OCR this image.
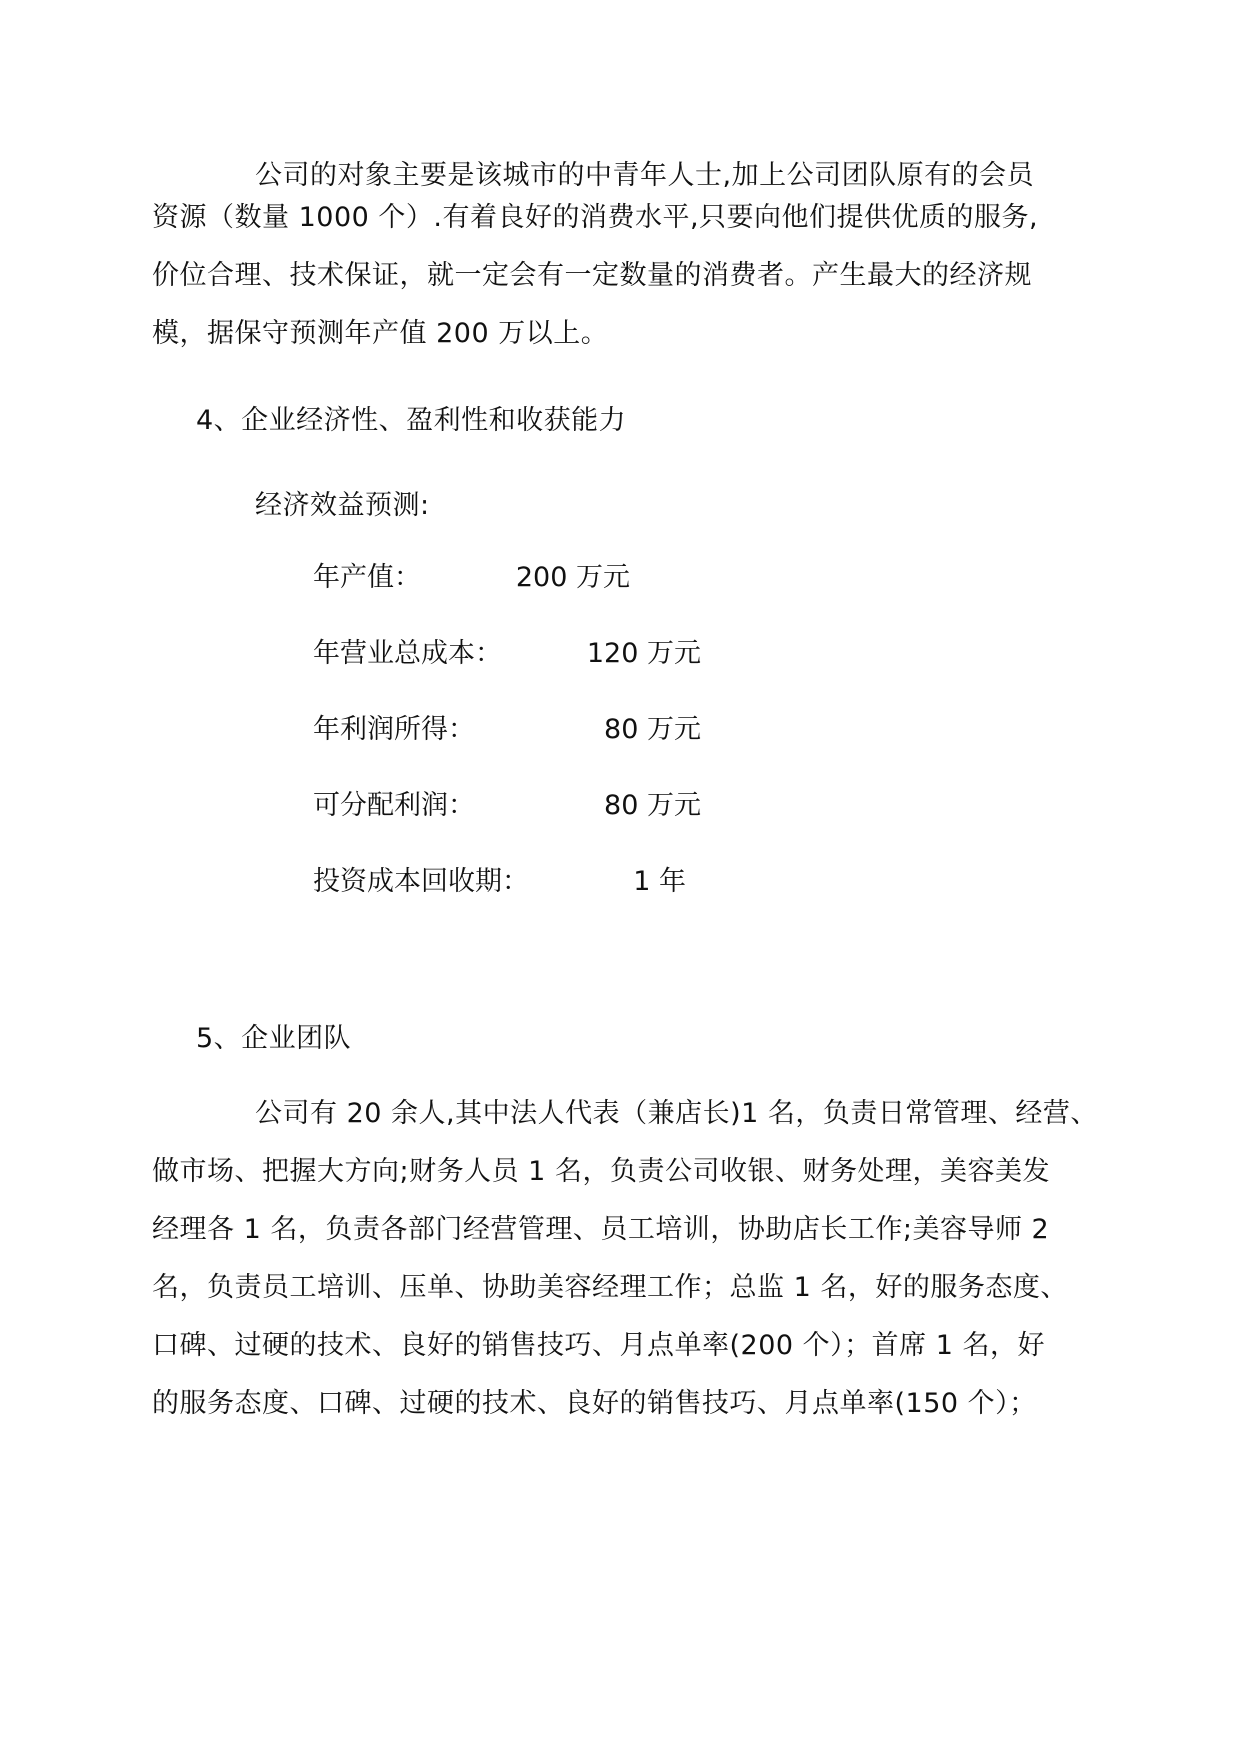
公司的对象主要是该城市的中青年人士,加上公司团队原有的会员
资源（数量 1000 个）.有着良好的消费水平,只要向他们提供优质的服务,
价位合理、技术保证，就一定会有一定数量的消费者。产生最大的经济规
模，据保守预测年产值 200 万以上。
4、企业经济性、盈利性和收获能力
经济效益预测:
年产值：	200 万元
年营业总成本：	120 万元
年利润所得：	80 万元
可分配利润：	80 万元
投资成本回收期：	1 年
5、企业团队
公司有 20 余人,其中法人代表（兼店长)1 名，负责日常管理、经营、
做市场、把握大方向;财务人员 1 名，负责公司收银、财务处理，美容美发
经理各 1 名，负责各部门经营管理、员工培训，协助店长工作;美容导师 2
名，负责员工培训、压单、协助美容经理工作；总监 1 名，好的服务态度、
口碑、过硬的技术、良好的销售技巧、月点单率(200 个）；首席 1 名，好
的服务态度、口碑、过硬的技术、良好的销售技巧、月点单率(150 个）；
